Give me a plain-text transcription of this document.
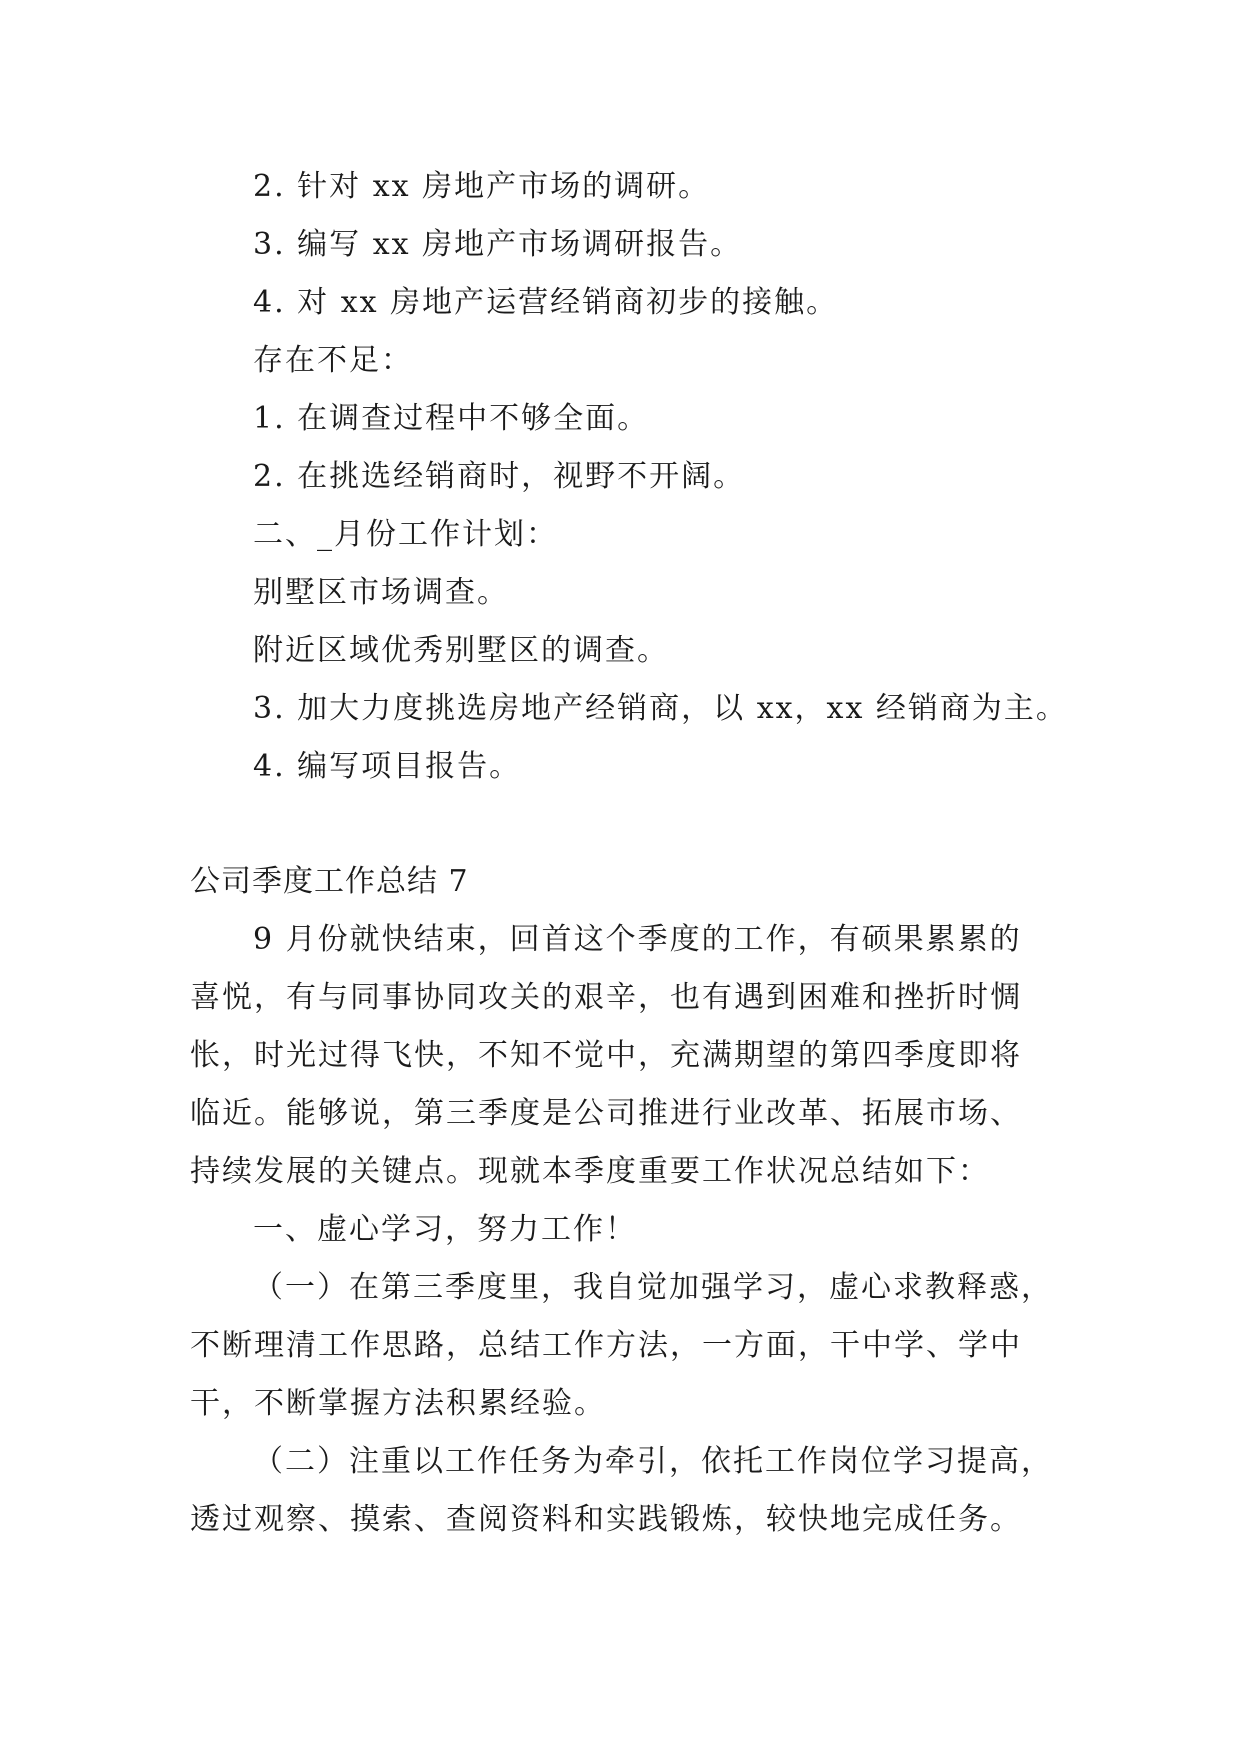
2. 针对 xx 房地产市场的调研。
3. 编写 xx 房地产市场调研报告。
4. 对 xx 房地产运营经销商初步的接触。
存在不足：
1. 在调查过程中不够全面。
2. 在挑选经销商时，视野不开阔。
二、_月份工作计划：
别墅区市场调查。
附近区域优秀别墅区的调查。
3. 加大力度挑选房地产经销商，以 xx，xx 经销商为主。
4. 编写项目报告。
公司季度工作总结 7
9 月份就快结束，回首这个季度的工作，有硕果累累的
喜悦，有与同事协同攻关的艰辛，也有遇到困难和挫折时惆
怅，时光过得飞快，不知不觉中，充满期望的第四季度即将
临近。能够说，第三季度是公司推进行业改革、拓展市场、
持续发展的关键点。现就本季度重要工作状况总结如下：
一、虚心学习，努力工作！
（一）在第三季度里，我自觉加强学习，虚心求教释惑，
不断理清工作思路，总结工作方法，一方面，干中学、学中
干，不断掌握方法积累经验。
（二）注重以工作任务为牵引，依托工作岗位学习提高，
透过观察、摸索、查阅资料和实践锻炼，较快地完成任务。
